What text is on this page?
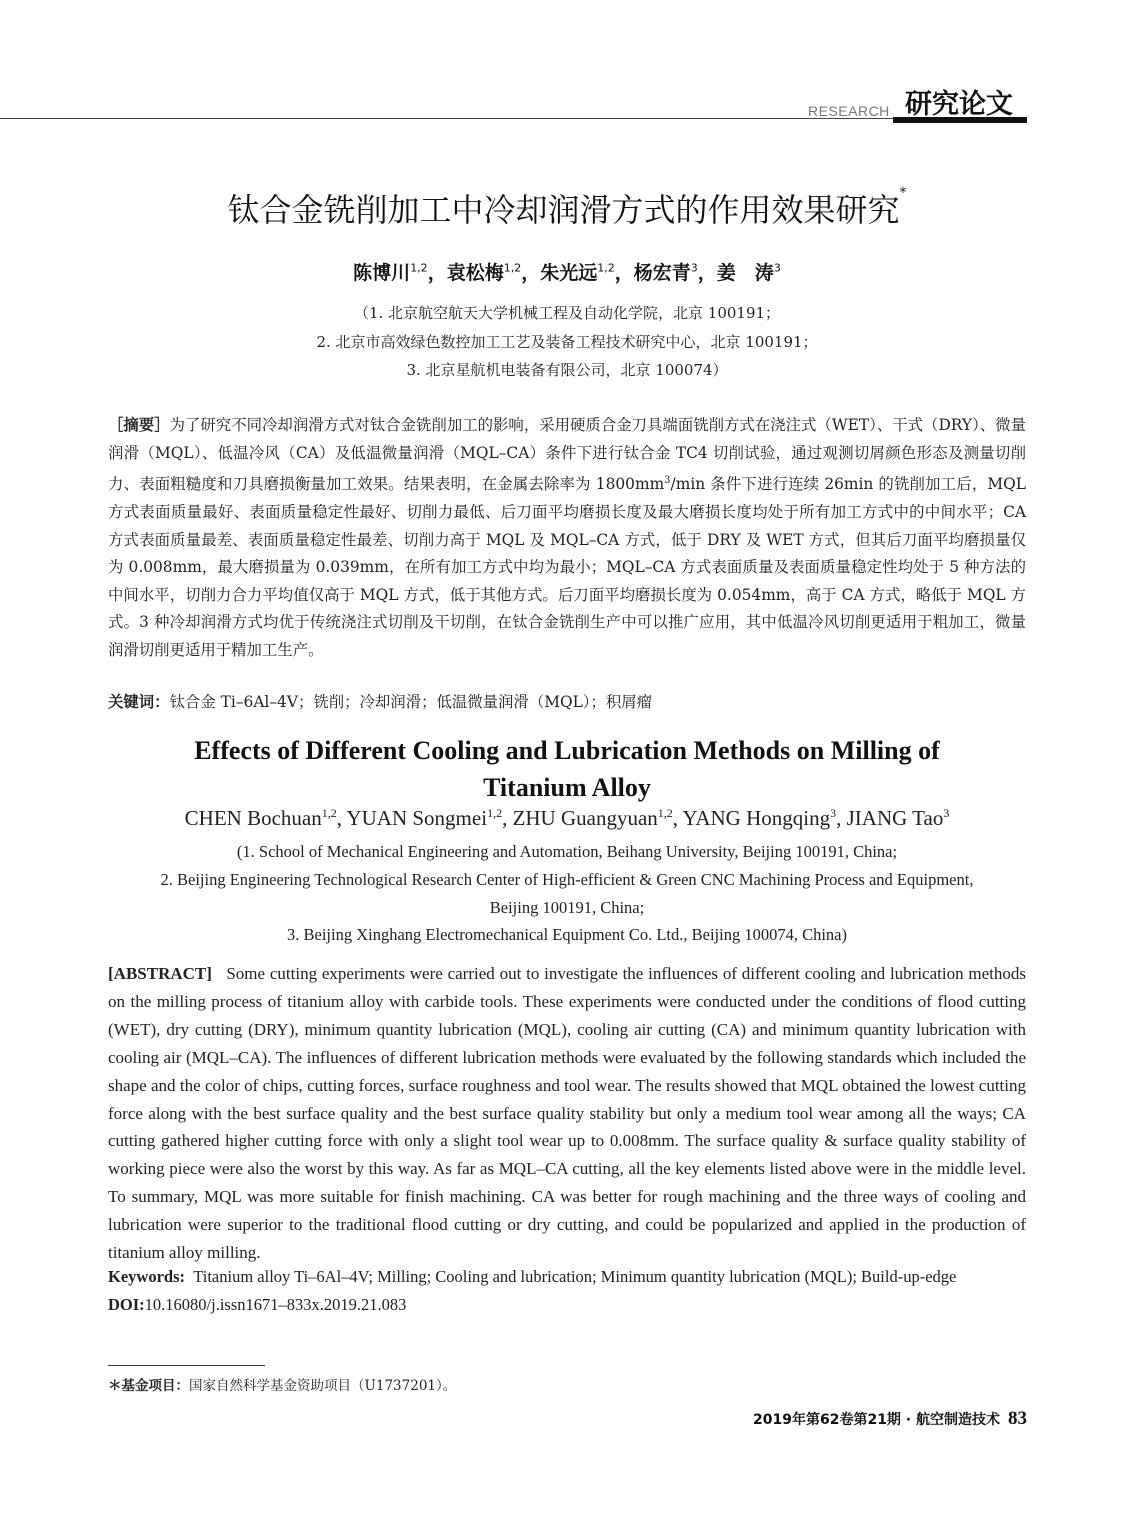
RESEARCH 研究论文
钛合金铣削加工中冷却润滑方式的作用效果研究*
陈博川$^{1,2}$，袁松梅$^{1,2}$，朱光远$^{1,2}$，杨宏青$^3$，姜　涛$^3$
（1. 北京航空航天大学机械工程及自动化学院，北京 100191；
2. 北京市高效绿色数控加工工艺及装备工程技术研究中心，北京 100191；
3. 北京星航机电装备有限公司，北京 100074）
［摘要］为了研究不同冷却润滑方式对钛合金铣削加工的影响，采用硬质合金刀具端面铣削方式在浇注式（WET）、干式（DRY）、微量润滑（MQL）、低温冷风（CA）及低温微量润滑（MQL–CA）条件下进行钛合金 TC4 切削试验，通过观测切屑颜色形态及测量切削力、表面粗糙度和刀具磨损衡量加工效果。结果表明，在金属去除率为 $1800mm^3/\min$ 条件下进行连续 26min 的铣削加工后，MQL 方式表面质量最好、表面质量稳定性最好、切削力最低、后刀面平均磨损长度及最大磨损长度均处于所有加工方式中的中间水平；CA 方式表面质量最差、表面质量稳定性最差、切削力高于 MQL 及 MQL–CA 方式，低于 DRY 及 WET 方式，但其后刀面平均磨损量仅为 0.008mm，最大磨损量为 0.039mm，在所有加工方式中均为最小；MQL–CA 方式表面质量及表面质量稳定性均处于 5 种方法的中间水平，切削力合力平均值仅高于 MQL 方式，低于其他方式。后刀面平均磨损长度为 0.054mm，高于 CA 方式，略低于 MQL 方式。3 种冷却润滑方式均优于传统浇注式切削及干切削，在钛合金铣削生产中可以推广应用，其中低温冷风切削更适用于粗加工，微量润滑切削更适用于精加工生产。
关键词：钛合金 Ti–6Al–4V；铣削；冷却润滑；低温微量润滑（MQL）；积屑瘤
Effects of Different Cooling and Lubrication Methods on Milling of
Titanium Alloy
CHEN Bochuan$^{1,2}$, YUAN Songmei$^{1,2}$, ZHU Guangyuan$^{1,2}$, YANG Hongqing$^3$, JIANG Tao$^3$
(1. School of Mechanical Engineering and Automation, Beihang University, Beijing 100191, China;
2. Beijing Engineering Technological Research Center of High-efficient & Green CNC Machining Process and Equipment,
Beijing 100191, China;
3. Beijing Xinghang Electromechanical Equipment Co. Ltd., Beijing 100074, China)
[ABSTRACT] Some cutting experiments were carried out to investigate the influences of different cooling and lubrication methods on the milling process of titanium alloy with carbide tools. These experiments were conducted under the conditions of flood cutting (WET), dry cutting (DRY), minimum quantity lubrication (MQL), cooling air cutting (CA) and minimum quantity lubrication with cooling air (MQL–CA). The influences of different lubrication methods were evaluated by the following standards which included the shape and the color of chips, cutting forces, surface roughness and tool wear. The results showed that MQL obtained the lowest cutting force along with the best surface quality and the best surface quality stability but only a medium tool wear among all the ways; CA cutting gathered higher cutting force with only a slight tool wear up to 0.008mm. The surface quality & surface quality stability of working piece were also the worst by this way. As far as MQL–CA cutting, all the key elements listed above were in the middle level. To summary, MQL was more suitable for finish machining. CA was better for rough machining and the three ways of cooling and lubrication were superior to the traditional flood cutting or dry cutting, and could be popularized and applied in the production of titanium alloy milling.
Keywords: Titanium alloy Ti–6Al–4V; Milling; Cooling and lubrication; Minimum quantity lubrication (MQL); Build-up-edge
DOI:10.16080/j.issn1671–833x.2019.21.083
＊基金项目：国家自然科学基金资助项目（U1737201）。
2019年第62卷第21期 · 航空制造技术 83
